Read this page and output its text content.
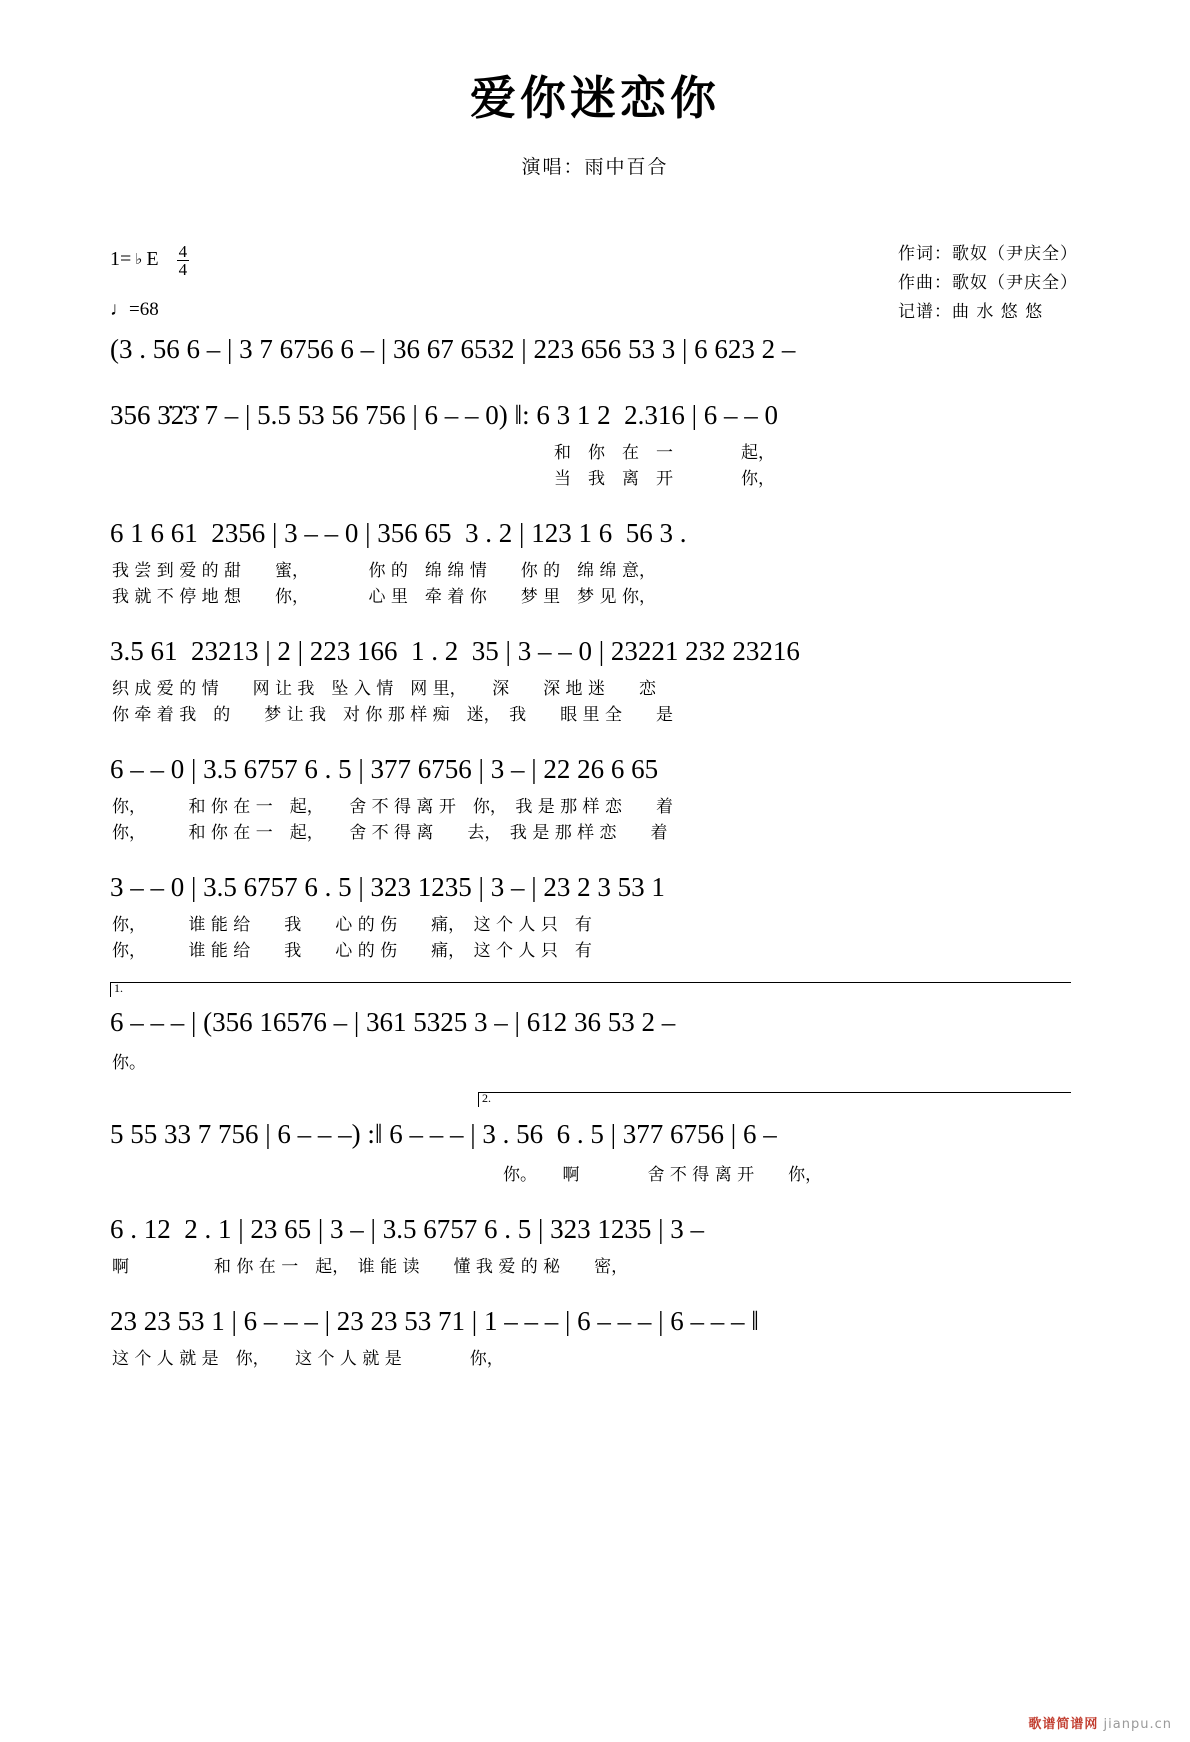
爱你迷恋你
演唱：雨中百合
1= ♭ E $\frac{4}{4}$
♩=68
作词：歌奴（尹庆全）
作曲：歌奴（尹庆全）
记谱：曲 水 悠 悠
(3 . 56 6 – | 3 7 6756 6 – | 36 67 6532 | 223 656 53 3 | 6 623 2 –
356 3̇2̇3̇ 7 – | 5.5 53 56 756 | 6 – – 0) ‖: 6 3 1 2  2.316 | 6 – – 0
　　　　　　　　　　　　　　　　　　　　　　　　　　和　你　在　一　　　　起，
　　　　　　　　　　　　　　　　　　　　　　　　　　当　我　离　开　　　　你，
6 1 6 61  2356 | 3 – – 0 | 356 65  3 . 2 | 123 1 6  56 3 .
我 尝 到 爱 的 甜　　蜜，　　　　你 的　绵 绵 情　　你 的　绵 绵 意，
我 就 不 停 地 想　　你，　　　　心 里　牵 着 你　　梦 里　梦 见 你，
3.5 61  23213 | 2 | 223 166  1 . 2  35 | 3 – – 0 | 23221 232 23216
织 成 爱 的 情　　网 让 我　坠 入 情　网 里，　　深　　深 地 迷　　恋
你 牵 着 我　的　　梦 让 我　对 你 那 样 痴　迷，　我　　眼 里 全　　是
6 – – 0 | 3.5 6757 6 . 5 | 377 6756 | 3 – | 22 26 6 65
你，　　　和 你 在 一　起，　　舍 不 得 离 开　你，　我 是 那 样 恋　　着
你，　　　和 你 在 一　起，　　舍 不 得 离　　去，　我 是 那 样 恋　　着
3 – – 0 | 3.5 6757 6 . 5 | 323 1235 | 3 – | 23 2 3 53 1
你，　　　谁 能 给　　我　　心 的 伤　　痛，　这 个 人 只　有
你，　　　谁 能 给　　我　　心 的 伤　　痛，　这 个 人 只　有
1.
6 – – – | (356 16576 – | 361 5325 3 – | 612 36 53 2 –
你。
2.
5 55 33 7 756 | 6 – – –) :‖ 6 – – – | 3 . 56  6 . 5 | 377 6756 | 6 –
　　　　　　　　　　　　　　　　　　　　　　　你。　　啊　　　　舍 不 得 离 开　　你，
6 . 12  2 . 1 | 23 65 | 3 – | 3.5 6757 6 . 5 | 323 1235 | 3 –
啊　　　　　和 你 在 一　起，　谁 能 读　　懂 我 爱 的 秘　　密，
23 23 53 1 | 6 – – – | 23 23 53 71 | 1 – – – | 6 – – – | 6 – – – ‖
这 个 人 就 是　你，　　这 个 人 就 是　　　　你，
歌谱简谱网 jianpu.cn
